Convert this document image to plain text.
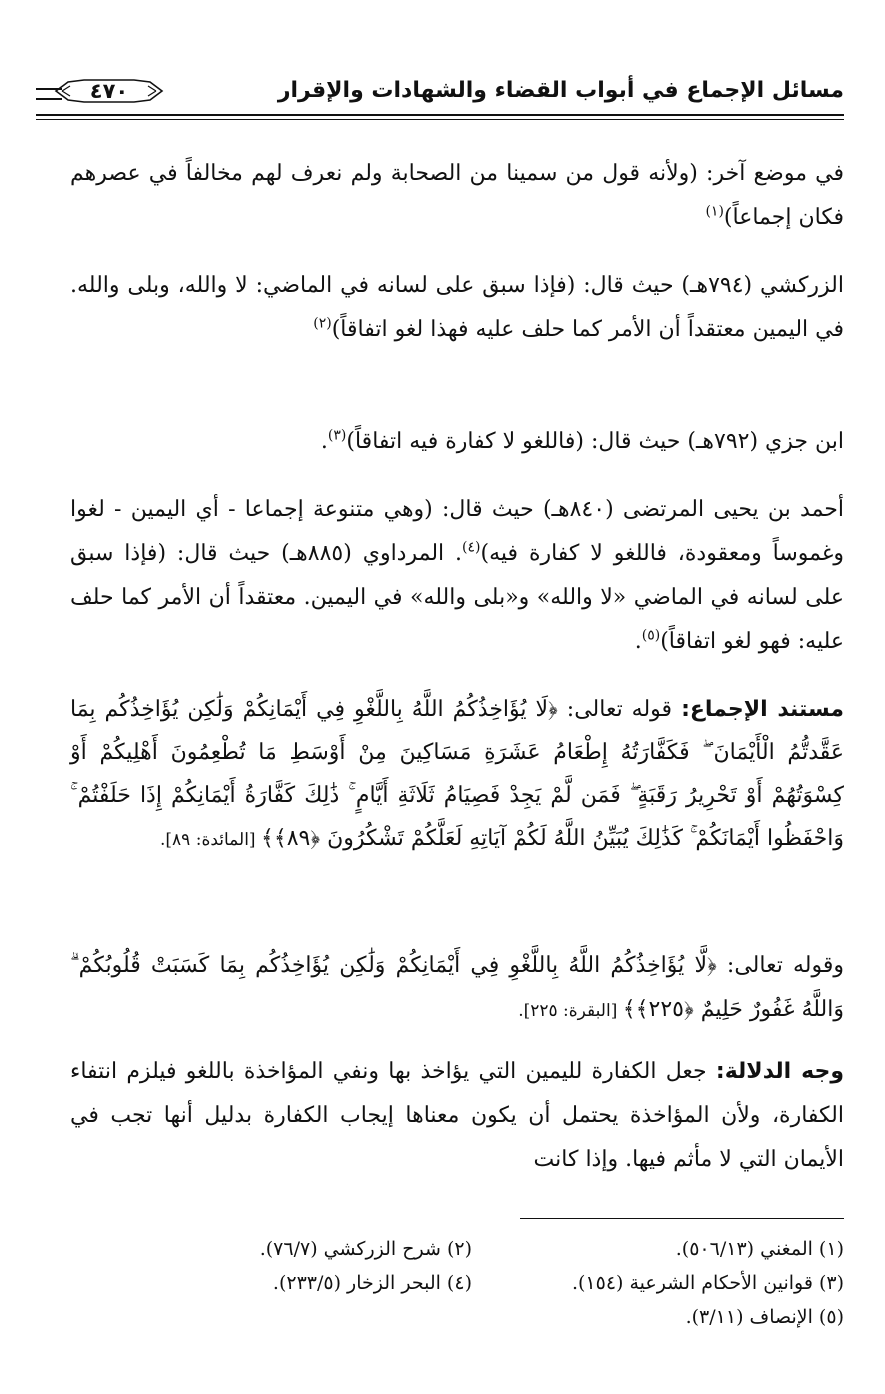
مسائل الإجماع في أبواب القضاء والشهادات والإقرار
٤٧٠
في موضع آخر: (ولأنه قول من سمينا من الصحابة ولم نعرف لهم مخالفاً في عصرهم فكان إجماعاً)$^{(١)}$
الزركشي (٧٩٤هـ) حيث قال: (فإذا سبق على لسانه في الماضي: لا والله، وبلى والله. في اليمين معتقداً أن الأمر كما حلف عليه فهذا لغو اتفاقاً)$^{(٢)}$
ابن جزي (٧٩٢هـ) حيث قال: (فاللغو لا كفارة فيه اتفاقاً)$^{(٣)}$.
أحمد بن يحيى المرتضى (٨٤٠هـ) حيث قال: (وهي متنوعة إجماعا - أي اليمين - لغوا وغموساً ومعقودة، فاللغو لا كفارة فيه)$^{(٤)}$. المرداوي (٨٨٥هـ) حيث قال: (فإذا سبق على لسانه في الماضي «لا والله» و«بلى والله» في اليمين. معتقداً أن الأمر كما حلف عليه: فهو لغو اتفاقاً)$^{(٥)}$.
مستند الإجماع: قوله تعالى: ﴿لَا يُؤَاخِذُكُمُ اللَّهُ بِاللَّغْوِ فِي أَيْمَانِكُمْ وَلَٰكِن يُؤَاخِذُكُم بِمَا عَقَّدتُّمُ الْأَيْمَانَ ۖ فَكَفَّارَتُهُ إِطْعَامُ عَشَرَةِ مَسَاكِينَ مِنْ أَوْسَطِ مَا تُطْعِمُونَ أَهْلِيكُمْ أَوْ كِسْوَتُهُمْ أَوْ تَحْرِيرُ رَقَبَةٍ ۖ فَمَن لَّمْ يَجِدْ فَصِيَامُ ثَلَاثَةِ أَيَّامٍ ۚ ذَٰلِكَ كَفَّارَةُ أَيْمَانِكُمْ إِذَا حَلَفْتُمْ ۚ وَاحْفَظُوا أَيْمَانَكُمْ ۚ كَذَٰلِكَ يُبَيِّنُ اللَّهُ لَكُمْ آيَاتِهِ لَعَلَّكُمْ تَشْكُرُونَ ﴿٨٩﴾﴾ [المائدة: ٨٩].
وقوله تعالى: ﴿لَّا يُؤَاخِذُكُمُ اللَّهُ بِاللَّغْوِ فِي أَيْمَانِكُمْ وَلَٰكِن يُؤَاخِذُكُم بِمَا كَسَبَتْ قُلُوبُكُمْ ۗ وَاللَّهُ غَفُورٌ حَلِيمٌ ﴿٢٢٥﴾﴾ [البقرة: ٢٢٥].
وجه الدلالة: جعل الكفارة لليمين التي يؤاخذ بها ونفي المؤاخذة باللغو فيلزم انتفاء الكفارة، ولأن المؤاخذة يحتمل أن يكون معناها إيجاب الكفارة بدليل أنها تجب في الأيمان التي لا مأثم فيها. وإذا كانت
(١) المغني (٥٠٦/١٣).
(٢) شرح الزركشي (٧٦/٧).
(٣) قوانين الأحكام الشرعية (١٥٤).
(٤) البحر الزخار (٢٣٣/٥).
(٥) الإنصاف (٣/١١).
